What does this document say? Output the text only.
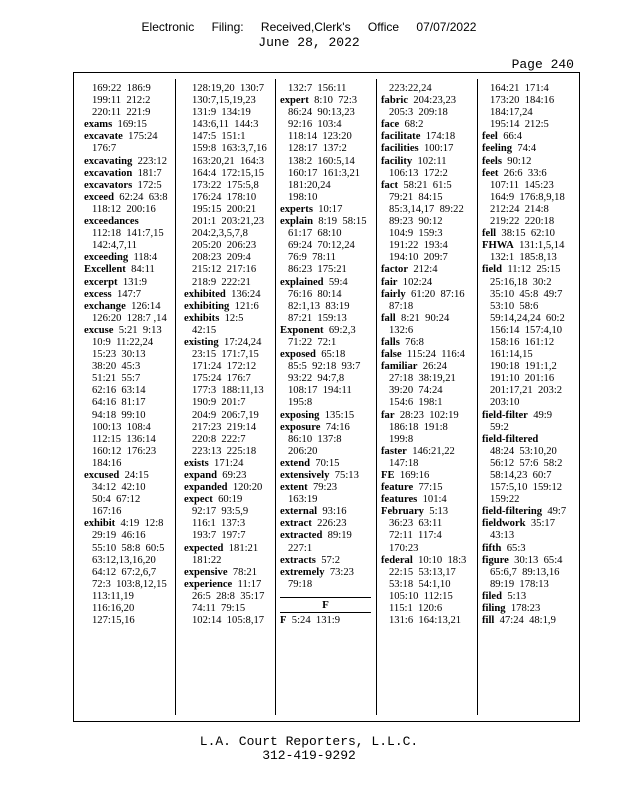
Electronic Filing: Received,Clerk's Office 07/07/2022
June 28, 2022
Page 240
169:22  186:9
199:11  212:2
220:11  221:9
exams  169:15
excavate  175:24
176:7
excavating  223:12
excavation  181:7
excavators  172:5
exceed  62:24  63:8
118:12  200:16
exceedances
112:18  141:7,15
142:4,7,11
exceeding  118:4
Excellent  84:11
excerpt  131:9
excess  147:7
exchange  126:14
126:20  128:7 ,14
excuse  5:21  9:13
10:9  11:22,24
15:23  30:13
38:20  45:3
51:21  55:7
62:16  63:14
64:16  81:17
94:18  99:10
100:13  108:4
112:15  136:14
160:12  176:23
184:16
excused  24:15
34:12  42:10
50:4  67:12
167:16
exhibit  4:19  12:8
29:19  46:16
55:10  58:8  60:5
63:12,13,16,20
64:12  67:2,6,7
72:3  103:8,12,15
113:11,19
116:16,20
127:15,16
128:19,20  130:7
130:7,15,19,23
131:9  134:19
143:6,11  144:3
147:5  151:1
159:8  163:3,7,16
163:20,21  164:3
164:4  172:15,15
173:22  175:5,8
176:24  178:10
195:15  200:21
201:1  203:21,23
204:2,3,5,7,8
205:20  206:23
208:23  209:4
215:12  217:16
218:9  222:21
exhibited  136:24
exhibiting  121:6
exhibits  12:5
42:15
existing  17:24,24
23:15  171:7,15
171:24  172:12
175:24  176:7
177:3  188:11,13
190:9  201:7
204:9  206:7,19
217:23  219:14
220:8  222:7
223:13  225:18
exists  171:24
expand  69:23
expanded  120:20
expect  60:19
92:17  93:5,9
116:1  137:3
193:7  197:7
expected  181:21
181:22
expensive  78:21
experience  11:17
26:5  28:8  35:17
74:11  79:15
102:14  105:8,17
132:7  156:11
expert  8:10  72:3
86:24  90:13,23
92:16  103:4
118:14  123:20
128:17  137:2
138:2  160:5,14
160:17  161:3,21
181:20,24
198:10
experts  10:17
explain  8:19  58:15
61:17  68:10
69:24  70:12,24
76:9  78:11
86:23  175:21
explained  59:4
76:16  80:14
82:1,13  83:19
87:21  159:13
Exponent  69:2,3
71:22  72:1
exposed  65:18
85:5  92:18  93:7
93:22  94:7,8
108:17  194:11
195:8
exposing  135:15
exposure  74:16
86:10  137:8
206:20
extend  70:15
extensively  75:13
extent  79:23
163:19
external  93:16
extract  226:23
extracted  89:19
227:1
extracts  57:2
extremely  73:23
79:18
F
F  5:24  131:9
223:22,24
fabric  204:23,23
205:3  209:18
face  68:2
facilitate  174:18
facilities  100:17
facility  102:11
106:13  172:2
fact  58:21  61:5
79:21  84:15
85:3,14,17  89:22
89:23  90:12
104:9  159:3
191:22  193:4
194:10  209:7
factor  212:4
fair  102:24
fairly  61:20  87:16
87:18
fall  8:21  90:24
132:6
falls  76:8
false  115:24  116:4
familiar  26:24
27:18  38:19,21
39:20  74:24
154:6  198:1
far  28:23  102:19
186:18  191:8
199:8
faster  146:21,22
147:18
FE  169:16
feature  77:15
features  101:4
February  5:13
36:23  63:11
72:11  117:4
170:23
federal  10:10  18:3
22:15  53:13,17
53:18  54:1,10
105:10  112:15
115:1  120:6
131:6  164:13,21
164:21  171:4
173:20  184:16
184:17,24
195:14  212:5
feel  66:4
feeling  74:4
feels  90:12
feet  26:6  33:6
107:11  145:23
164:9  176:8,9,18
212:24  214:8
219:22  220:18
fell  38:15  62:10
FHWA  131:1,5,14
132:1  185:8,13
field  11:12  25:15
25:16,18  30:2
35:10  45:8  49:7
53:10  58:6
59:14,24,24  60:2
156:14  157:4,10
158:16  161:12
161:14,15
190:18  191:1,2
191:10  201:16
201:17,21  203:2
203:10
field-filter  49:9
59:2
field-filtered
48:24  53:10,20
56:12  57:6  58:2
58:14,23  60:7
157:5,10  159:12
159:22
field-filtering  49:7
fieldwork  35:17
43:13
fifth  65:3
figure  30:13  65:4
65:6,7  89:13,16
89:19  178:13
filed  5:13
filing  178:23
fill  47:24  48:1,9
L.A. Court Reporters, L.L.C.
312-419-9292
